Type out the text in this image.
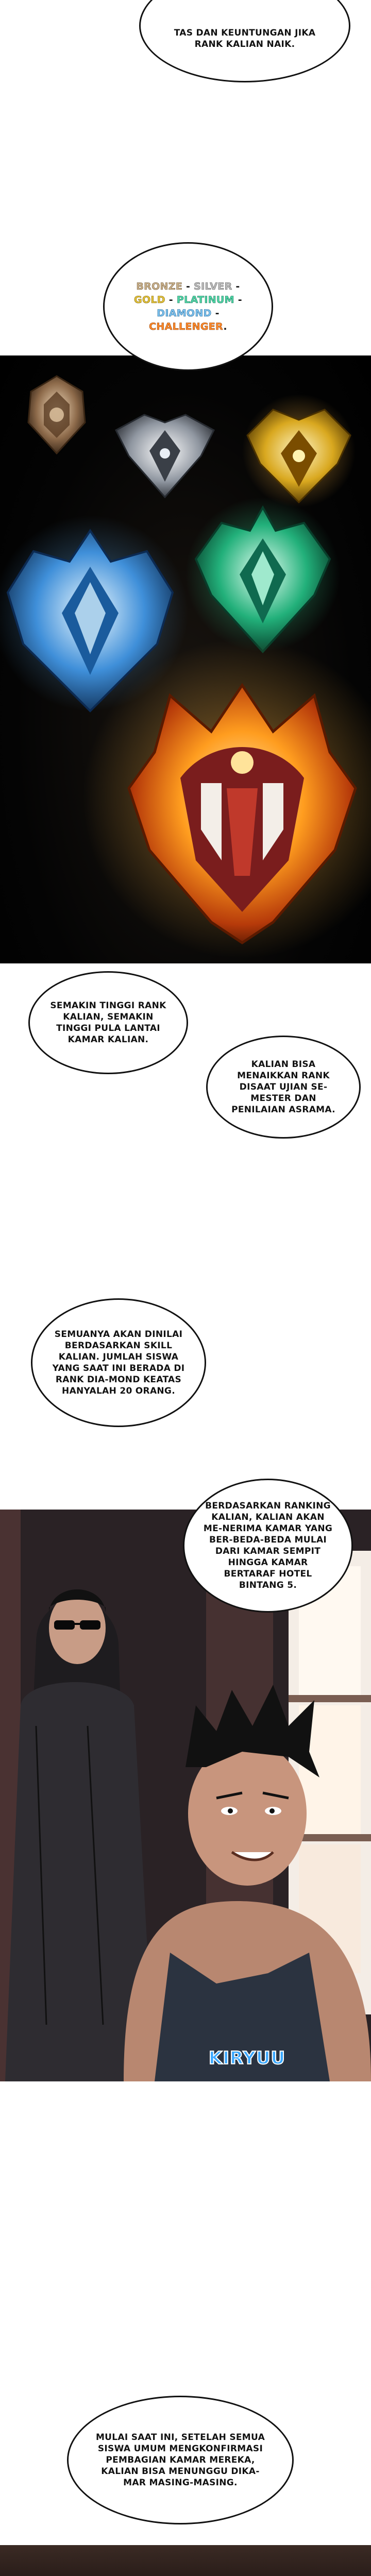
TAS DAN KEUNTUNGAN JIKA RANK KALIAN NAIK.
BRONZE - SILVER -
GOLD - PLATINUM -
DIAMOND -
CHALLENGER.
SEMAKIN TINGGI RANK KALIAN, SEMAKIN TINGGI PULA LANTAI KAMAR KALIAN.
KALIAN BISA MENAIKKAN RANK DISAAT UJIAN SE-MESTER DAN PENILAIAN ASRAMA.
SEMUANYA AKAN DINILAI BERDASARKAN SKILL KALIAN. JUMLAH SISWA YANG SAAT INI BERADA DI RANK DIA-MOND KEATAS HANYALAH 20 ORANG.
BERDASARKAN RANKING KALIAN, KALIAN AKAN ME-NERIMA KAMAR YANG BER-BEDA-BEDA MULAI DARI KAMAR SEMPIT HINGGA KAMAR BERTARAF HOTEL BINTANG 5.
KIRYUU
MULAI SAAT INI, SETELAH SEMUA SISWA UMUM MENGKONFIRMASI PEMBAGIAN KAMAR MEREKA, KALIAN BISA MENUNGGU DIKA-MAR MASING-MASING.
